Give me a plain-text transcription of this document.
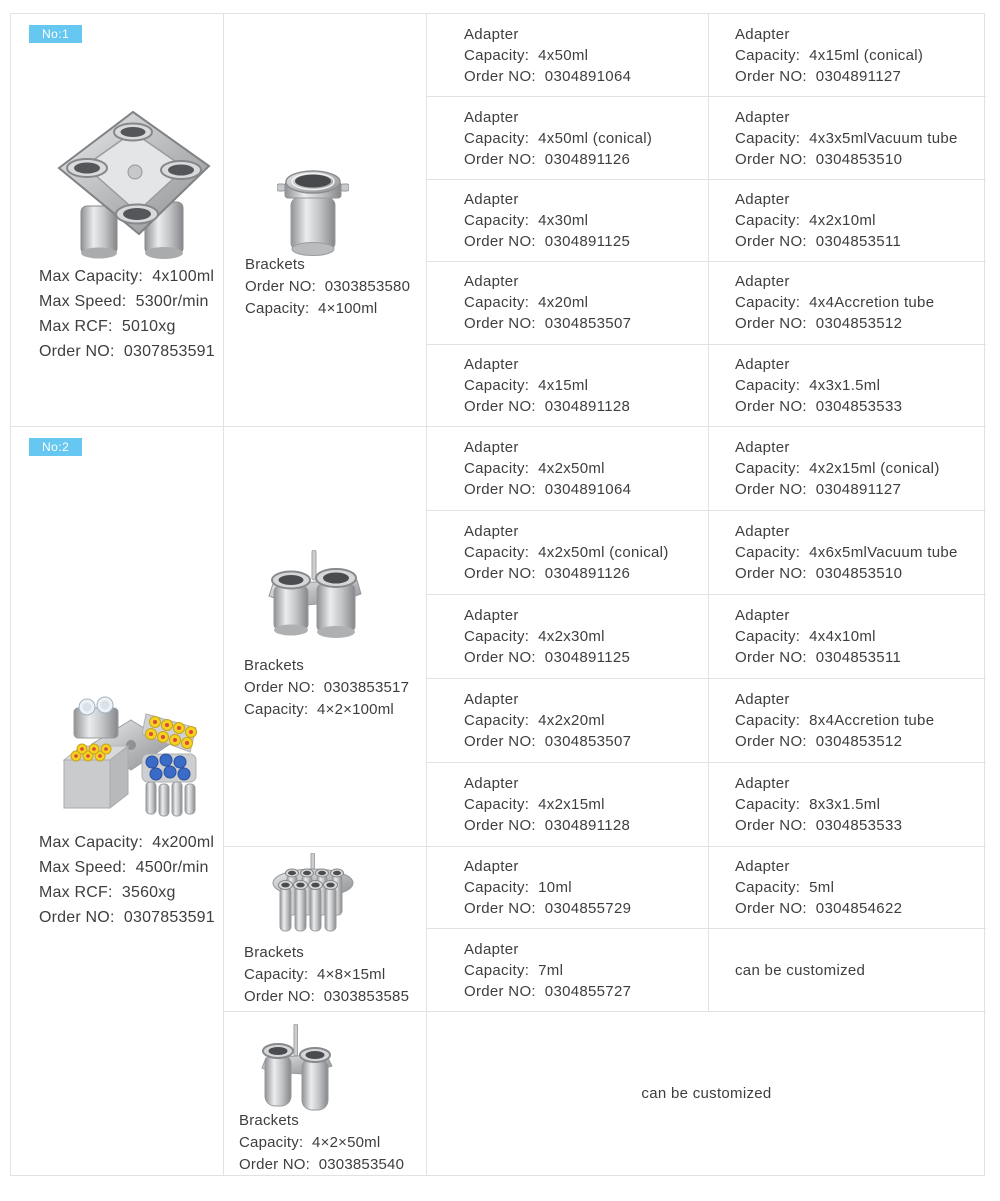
No:1
Max Capacity:  4x100ml
Max Speed:  5300r/min
Max RCF:  5010xg
Order NO:  0307853591
Brackets
Order NO:  0303853580
Capacity:  4×100ml
Adapter
Capacity:  4x50ml
Order NO:  0304891064
Adapter
Capacity:  4x50ml (conical)
Order NO:  0304891126
Adapter
Capacity:  4x30ml
Order NO:  0304891125
Adapter
Capacity:  4x20ml
Order NO:  0304853507
Adapter
Capacity:  4x15ml
Order NO:  0304891128
Adapter
Capacity:  4x15ml (conical)
Order NO:  0304891127
Adapter
Capacity:  4x3x5mlVacuum tube
Order NO:  0304853510
Adapter
Capacity:  4x2x10ml
Order NO:  0304853511
Adapter
Capacity:  4x4Accretion tube
Order NO:  0304853512
Adapter
Capacity:  4x3x1.5ml
Order NO:  0304853533
No:2
Max Capacity:  4x200ml
Max Speed:  4500r/min
Max RCF:  3560xg
Order NO:  0307853591
Brackets
Order NO:  0303853517
Capacity:  4×2×100ml
Adapter
Capacity:  4x2x50ml
Order NO:  0304891064
Adapter
Capacity:  4x2x50ml (conical)
Order NO:  0304891126
Adapter
Capacity:  4x2x30ml
Order NO:  0304891125
Adapter
Capacity:  4x2x20ml
Order NO:  0304853507
Adapter
Capacity:  4x2x15ml
Order NO:  0304891128
Adapter
Capacity:  4x2x15ml (conical)
Order NO:  0304891127
Adapter
Capacity:  4x6x5mlVacuum tube
Order NO:  0304853510
Adapter
Capacity:  4x4x10ml
Order NO:  0304853511
Adapter
Capacity:  8x4Accretion tube
Order NO:  0304853512
Adapter
Capacity:  8x3x1.5ml
Order NO:  0304853533
Brackets
Capacity:  4×8×15ml
Order NO:  0303853585
Adapter
Capacity:  10ml
Order NO:  0304855729
Adapter
Capacity:  5ml
Order NO:  0304854622
Adapter
Capacity:  7ml
Order NO:  0304855727
can be customized
Brackets
Capacity:  4×2×50ml
Order NO:  0303853540
can be customized
